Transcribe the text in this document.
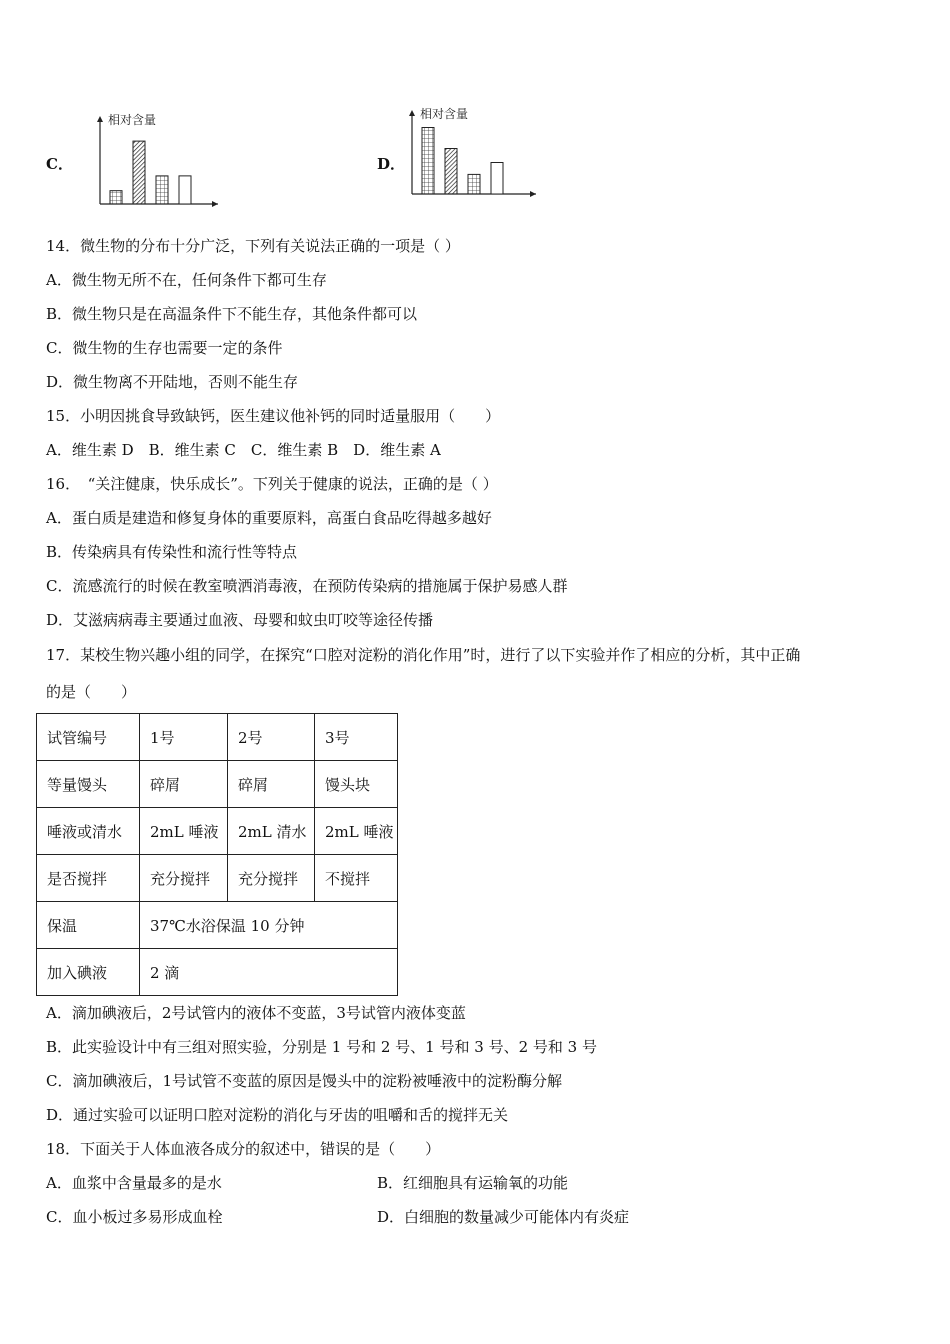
C．
相对含量
D．
相对含量
14．微生物的分布十分广泛，下列有关说法正确的一项是（ ）
A．微生物无所不在，任何条件下都可生存
B．微生物只是在高温条件下不能生存，其他条件都可以
C．微生物的生存也需要一定的条件
D．微生物离不开陆地，否则不能生存
15．小明因挑食导致缺钙，医生建议他补钙的同时适量服用（　　）
A．维生素 D　B．维生素 C　C．维生素 B　D．维生素 A
16．　“关注健康，快乐成长”。下列关于健康的说法，正确的是（ ）
A．蛋白质是建造和修复身体的重要原料，高蛋白食品吃得越多越好
B．传染病具有传染性和流行性等特点
C．流感流行的时候在教室喷洒消毒液，在预防传染病的措施属于保护易感人群
D．艾滋病病毒主要通过血液、母婴和蚊虫叮咬等途径传播
17．某校生物兴趣小组的同学，在探究“口腔对淀粉的消化作用”时，进行了以下实验并作了相应的分析，其中正确
的是（　　）
试管编号	1号	2号	3号
等量馒头	碎屑	碎屑	馒头块
唾液或清水	2mL 唾液	2mL 清水	2mL 唾液
是否搅拌	充分搅拌	充分搅拌	不搅拌
保温	37℃水浴保温 10 分钟		
加入碘液	2 滴		
A．滴加碘液后，2号试管内的液体不变蓝，3号试管内液体变蓝
B．此实验设计中有三组对照实验，分别是 1 号和 2 号、1 号和 3 号、2 号和 3 号
C．滴加碘液后，1号试管不变蓝的原因是馒头中的淀粉被唾液中的淀粉酶分解
D．通过实验可以证明口腔对淀粉的消化与牙齿的咀嚼和舌的搅拌无关
18．下面关于人体血液各成分的叙述中，错误的是（　　）
A．血浆中含量最多的是水	B．红细胞具有运输氧的功能
C．血小板过多易形成血栓	D．白细胞的数量减少可能体内有炎症
